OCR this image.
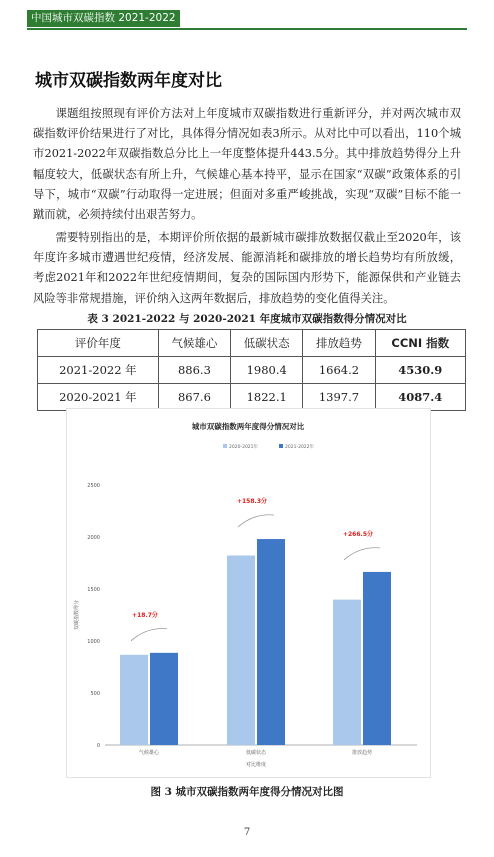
中国城市双碳指数 2021-2022
城市双碳指数两年度对比

课题组按照现有评价方法对上年度城市双碳指数进行重新评分，并对两次城市双碳指数评价结果进行了对比，具体得分情况如表3所示。从对比中可以看出，110个城市2021-2022年双碳指数总分比上一年度整体提升443.5分。其中排放趋势得分上升幅度较大，低碳状态有所上升，气候雄心基本持平，显示在国家“双碳”政策体系的引导下，城市“双碳”行动取得一定进展；但面对多重严峻挑战，实现“双碳”目标不能一蹴而就，必须持续付出艰苦努力。

需要特别指出的是，本期评价所依据的最新城市碳排放数据仅截止至2020年，该年度许多城市遭遇世纪疫情，经济发展、能源消耗和碳排放的增长趋势均有所放缓，考虑2021年和2022年世纪疫情期间，复杂的国际国内形势下，能源保供和产业链去风险等非常规措施，评价纳入这两年数据后，排放趋势的变化值得关注。

表 3 2021-2022 与 2020-2021 年度城市双碳指数得分情况对比
评价年度	气候雄心	低碳状态	排放趋势	CCNI 指数
2021-2022 年	886.3	1980.4	1664.2	4530.9
2020-2021 年	867.6	1822.1	1397.7	4087.4
城市双碳指数两年度得分情况对比
2020-2021年	2021-2022年
0
500
1000
1500
2000
2500
双碳指数得分
气候雄心
+18.7分
低碳状态
+158.3分
排放趋势
+266.5分
对比维度
图 3 城市双碳指数两年度得分情况对比图
7
